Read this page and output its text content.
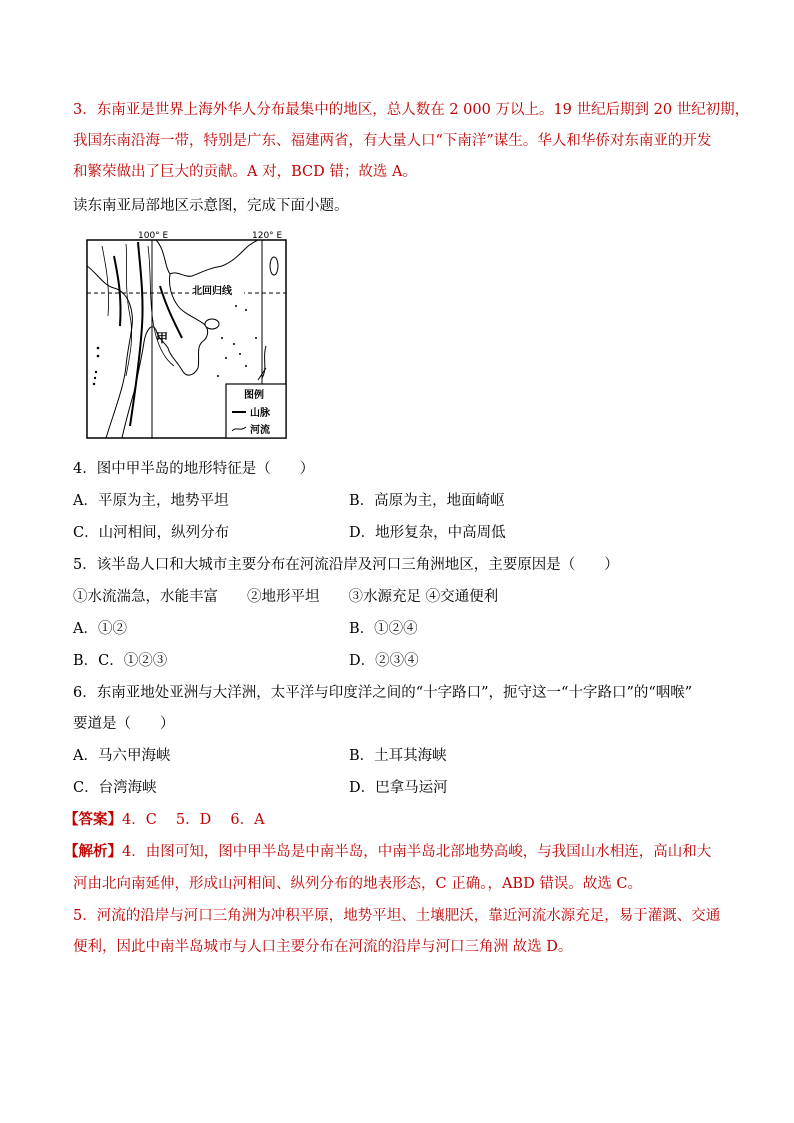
3．东南亚是世界上海外华人分布最集中的地区，总人数在 2 000 万以上。19 世纪后期到 20 世纪初期，
我国东南沿海一带，特别是广东、福建两省，有大量人口“下南洋”谋生。华人和华侨对东南亚的开发
和繁荣做出了巨大的贡献。A 对，BCD 错；故选 A。
读东南亚局部地区示意图，完成下面小题。
100° E	120° E
北回归线
甲
图例
山脉
河流
4．图中甲半岛的地形特征是（　　）
A．平原为主，地势平坦	B．高原为主，地面崎岖
C．山河相间，纵列分布	D．地形复杂，中高周低
5．该半岛人口和大城市主要分布在河流沿岸及河口三角洲地区，主要原因是（　　）
①水流湍急，水能丰富　　②地形平坦　　③水源充足 ④交通便利
A．①②	B．①②④
B．C．①②③	D．②③④
6．东南亚地处亚洲与大洋洲，太平洋与印度洋之间的“十字路口”，扼守这一“十字路口”的“咽喉”
要道是（　　）
A．马六甲海峡	B．土耳其海峡
C．台湾海峡	D．巴拿马运河
【答案】4．C　 5．D　 6．A
【解析】4．由图可知，图中甲半岛是中南半岛，中南半岛北部地势高峻，与我国山水相连，高山和大
河由北向南延伸，形成山河相间、纵列分布的地表形态，C 正确。，ABD 错误。故选 C。
5．河流的沿岸与河口三角洲为冲积平原，地势平坦、土壤肥沃，靠近河流水源充足，易于灌溉、交通
便利，因此中南半岛城市与人口主要分布在河流的沿岸与河口三角洲 故选 D。
